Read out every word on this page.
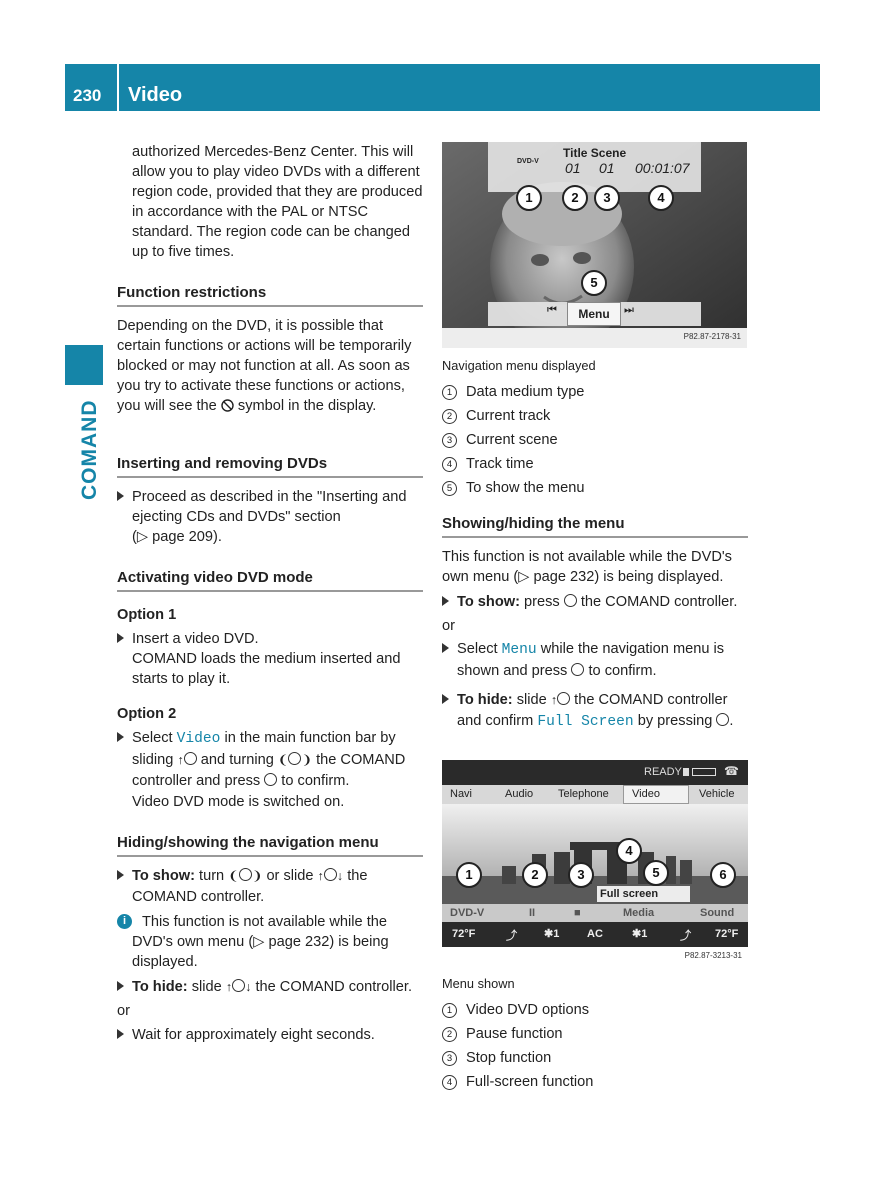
230 Video
COMAND

authorized Mercedes-Benz Center. This will allow you to play video DVDs with a different region code, provided that they are produced in accordance with the PAL or NTSC standard. The region code can be changed up to five times.

Function restrictions

Depending on the DVD, it is possible that certain functions or actions will be temporarily blocked or may not function at all. As soon as you try to activate these functions or actions, you will see the symbol in the display.

Inserting and removing DVDs
Proceed as described in the "Inserting and ejecting CDs and DVDs" section
(▷ page 209).
Activating video DVD mode
Option 1
Insert a video DVD.
COMAND loads the medium inserted and starts to play it.
Option 2
Select Video in the main function bar by sliding ↑ and turning ❨ ❩ the COMAND controller and press to confirm.
Video DVD mode is switched on.
Hiding/showing the navigation menu
To show: turn ❨ ❩ or slide ↑ ↓ the COMAND controller.
i	This function is not available while the DVD's own menu (▷ page 232) is being displayed.
To hide: slide ↑ ↓ the COMAND controller.

or

Wait for approximately eight seconds.
Title Scene
DVD-V 01 01 00:01:07
1	2	3	4
5
⏮	Menu	⏭
P82.87-2178-31
Navigation menu displayed
1 Data medium type
2 Current track
3 Current scene
4 Track time
5 To show the menu
Showing/hiding the menu

This function is not available while the DVD's own menu (▷ page 232) is being displayed.

To show: press the COMAND controller.

or

Select Menu while the navigation menu is shown and press to confirm.
To hide: slide ↑ the COMAND controller and confirm Full Screen by pressing .
READY	☎
Navi	Audio Telephone	Video	Vehicle
Full screen
DVD-V	II	■	Media	Sound
1	2	3
4
5	6
72°F	⤴ ✱1	AC	✱1	⤴ 72°F
P82.87-3213-31
Menu shown
1 Video DVD options
2 Pause function
3 Stop function
4 Full-screen function
